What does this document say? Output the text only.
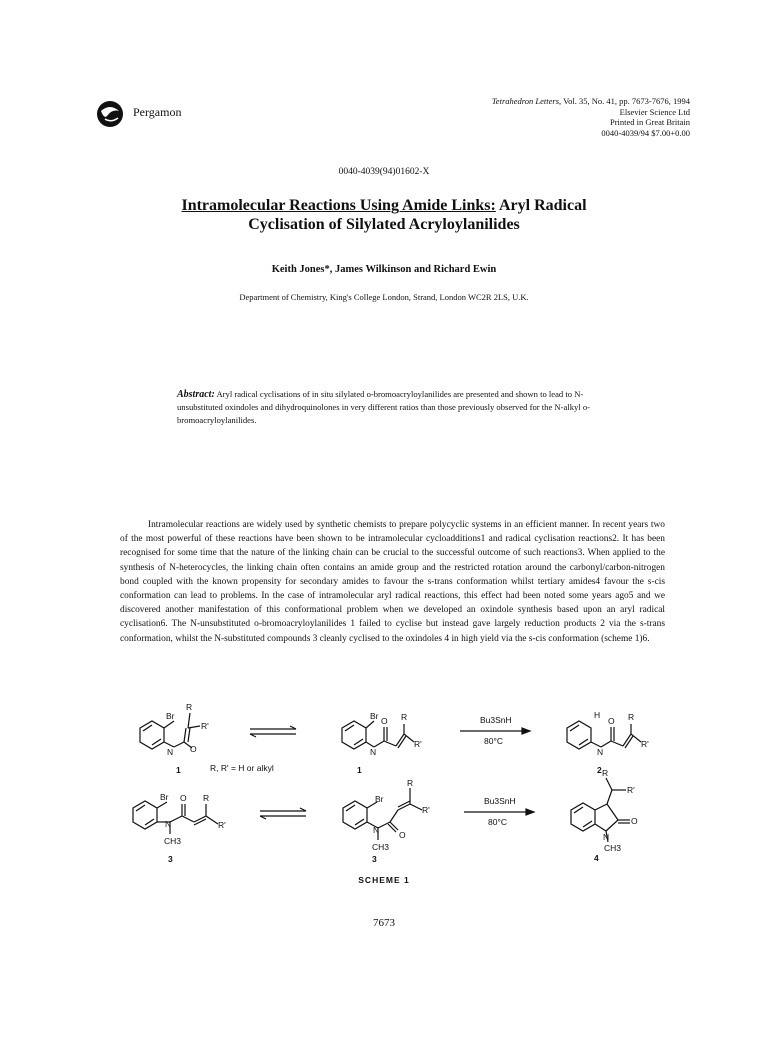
Pergamon
Tetrahedron Letters, Vol. 35, No. 41, pp. 7673-7676, 1994
Elsevier Science Ltd
Printed in Great Britain
0040-4039/94 $7.00+0.00
0040-4039(94)01602-X
Intramolecular Reactions Using Amide Links: Aryl Radical
Cyclisation of Silylated Acryloylanilides
Keith Jones*, James Wilkinson and Richard Ewin
Department of Chemistry, King's College London, Strand, London WC2R 2LS, U.K.
Abstract: Aryl radical cyclisations of in situ silylated o-bromoacryloylanilides are presented and shown to lead to N-unsubstituted oxindoles and dihydroquinolones in very different ratios than those previously observed for the N-alkyl o-bromoacryloylanilides.

Intramolecular reactions are widely used by synthetic chemists to prepare polycyclic systems in an efficient manner. In recent years two of the most powerful of these reactions have been shown to be intramolecular cycloadditions1 and radical cyclisation reactions2. It has been recognised for some time that the nature of the linking chain can be crucial to the successful outcome of such reactions3. When applied to the synthesis of N-heterocycles, the linking chain often contains an amide group and the restricted rotation around the carbonyl/carbon-nitrogen bond coupled with the known propensity for secondary amides to favour the s-trans conformation whilst tertiary amides4 favour the s-cis conformation can lead to problems. In the case of intramolecular aryl radical reactions, this effect had been noted some years ago5 and we discovered another manifestation of this conformational problem when we developed an oxindole synthesis based upon an aryl radical cyclisation6. The N-unsubstituted o-bromoacryloylanilides 1 failed to cyclise but instead gave largely reduction products 2 via the s-trans conformation, whilst the N-substituted compounds 3 cleanly cyclised to the oxindoles 4 in high yield via the s-cis conformation (scheme 1)6.

Br
R
R'
N O
Br O R
R'
N
H
O R
R'
N
Br O R
R'
N
CH3
Br
R
R'
N O
CH3
R
R'
O
N
CH3
Bu3SnH
80°C
Bu3SnH
80°C
R, R' = H or alkyl
1	1	2
3	3	4
SCHEME 1
7673
